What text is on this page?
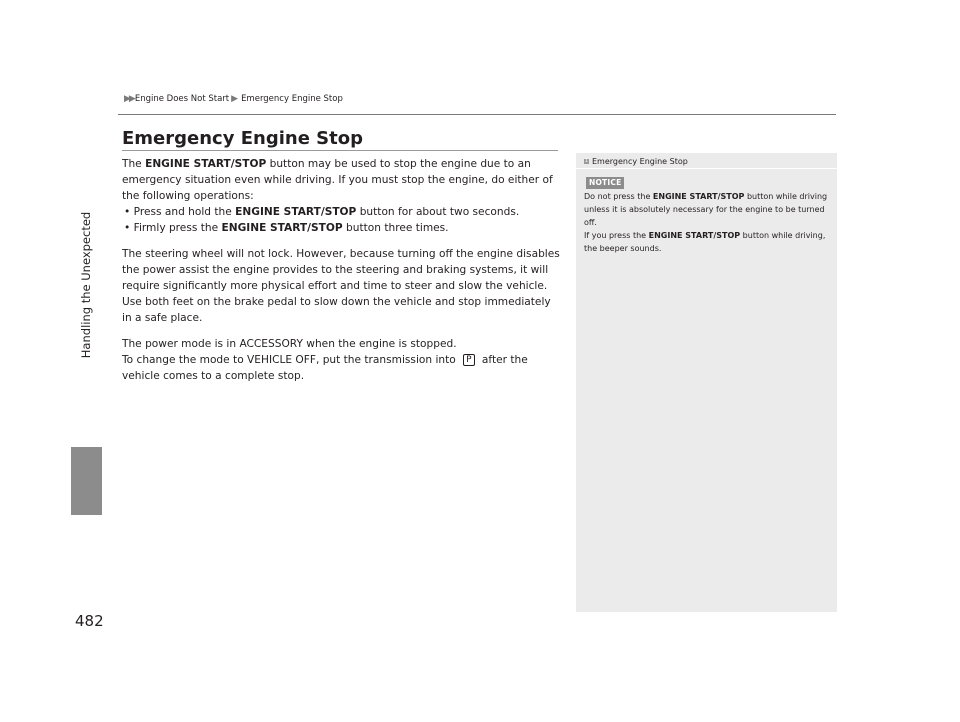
▶▶ Engine Does Not Start ▶ Emergency Engine Stop
Handling the Unexpected
482
Emergency Engine Stop

The ENGINE START/STOP button may be used to stop the engine due to an emergency situation even while driving. If you must stop the engine, do either of the following operations:

• Press and hold the ENGINE START/STOP button for about two seconds.
• Firmly press the ENGINE START/STOP button three times.

The steering wheel will not lock. However, because turning off the engine disables the power assist the engine provides to the steering and braking systems, it will require significantly more physical effort and time to steer and slow the vehicle. Use both feet on the brake pedal to slow down the vehicle and stop immediately in a safe place.

The power mode is in ACCESSORY when the engine is stopped.

To change the mode to VEHICLE OFF, put the transmission into P after the vehicle comes to a complete stop.

1 Emergency Engine Stop
NOTICE

Do not press the ENGINE START/STOP button while driving unless it is absolutely necessary for the engine to be turned off.

If you press the ENGINE START/STOP button while driving, the beeper sounds.
